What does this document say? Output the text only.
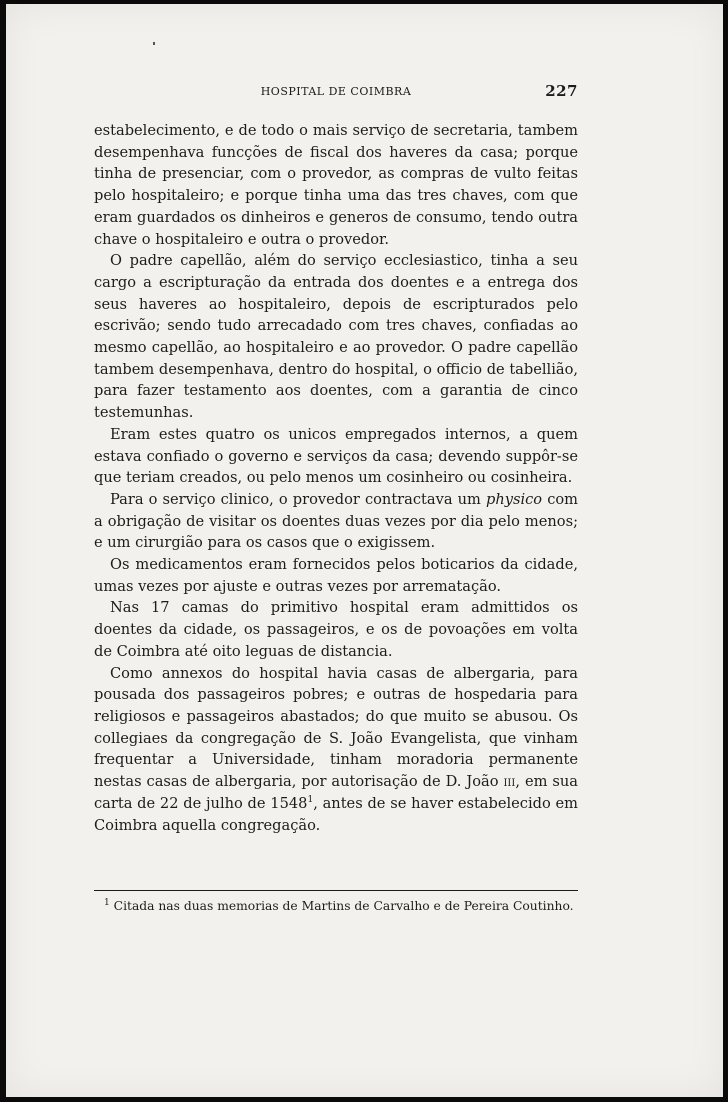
HOSPITAL DE COIMBRA	227

estabelecimento, e de todo o mais serviço de secretaria, tambem desempenhava funcções de fiscal dos haveres da casa; porque tinha de presenciar, com o provedor, as compras de vulto feitas pelo hospitaleiro; e porque tinha uma das tres chaves, com que eram guardados os dinheiros e generos de consumo, tendo outra chave o hospitaleiro e outra o provedor.

O padre capellão, além do serviço ecclesiastico, tinha a seu cargo a escripturação da entrada dos doentes e a entrega dos seus haveres ao hospitaleiro, depois de escripturados pelo escrivão; sendo tudo arrecadado com tres chaves, confiadas ao mesmo capellão, ao hospitaleiro e ao provedor. O padre capellão tambem desempenhava, dentro do hospital, o officio de tabellião, para fazer testamento aos doentes, com a garantia de cinco testemunhas.

Eram estes quatro os unicos empregados internos, a quem estava confiado o governo e serviços da casa; devendo suppôr-se que teriam creados, ou pelo menos um cosinheiro ou cosinheira.

Para o serviço clinico, o provedor contractava um physico com a obrigação de visitar os doentes duas vezes por dia pelo menos; e um cirurgião para os casos que o exigissem.

Os medicamentos eram fornecidos pelos boticarios da cidade, umas vezes por ajuste e outras vezes por arrematação.

Nas 17 camas do primitivo hospital eram admittidos os doentes da cidade, os passageiros, e os de povoações em volta de Coimbra até oito leguas de distancia.

Como annexos do hospital havia casas de albergaria, para pousada dos passageiros pobres; e outras de hospedaria para religiosos e passageiros abastados; do que muito se abusou. Os collegiaes da congregação de S. João Evangelista, que vinham frequentar a Universidade, tinham moradoria permanente nestas casas de albergaria, por autorisação de D. João iii, em sua carta de 22 de julho de 1548$^1$, antes de se haver estabelecido em Coimbra aquella congregação.

$^1$ Citada nas duas memorias de Martins de Carvalho e de Pereira Coutinho.
